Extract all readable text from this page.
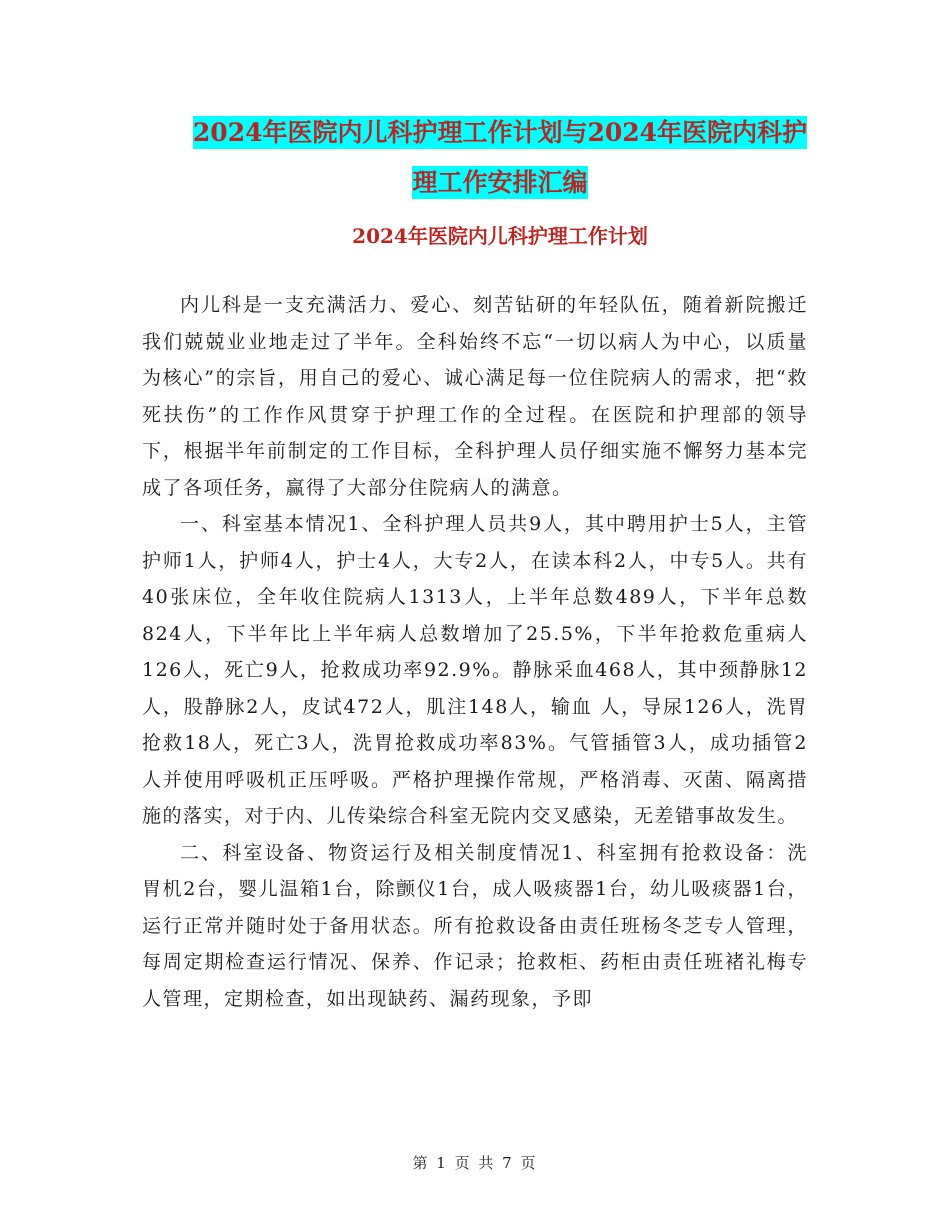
2024年医院内儿科护理工作计划与2024年医院内科护
理工作安排汇编
2024年医院内儿科护理工作计划

内儿科是一支充满活力、爱心、刻苦钻研的年轻队伍，随着新院搬迁我们兢兢业业地走过了半年。全科始终不忘“一切以病人为中心，以质量为核心”的宗旨，用自己的爱心、诚心满足每一位住院病人的需求，把“救死扶伤”的工作作风贯穿于护理工作的全过程。在医院和护理部的领导下，根据半年前制定的工作目标，全科护理人员仔细实施不懈努力基本完成了各项任务，赢得了大部分住院病人的满意。

一、科室基本情况1、全科护理人员共9人，其中聘用护士5人，主管护师1人，护师4人，护士4人，大专2人，在读本科2人，中专5人。共有40张床位，全年收住院病人1313人，上半年总数489人，下半年总数824人，下半年比上半年病人总数增加了25.5%，下半年抢救危重病人126人，死亡9人，抢救成功率92.9%。静脉采血468人，其中颈静脉12人，股静脉2人，皮试472人，肌注148人，输血 人，导尿126人，洗胃抢救18人，死亡3人，洗胃抢救成功率83%。气管插管3人，成功插管2人并使用呼吸机正压呼吸。严格护理操作常规，严格消毒、灭菌、隔离措施的落实，对于内、儿传染综合科室无院内交叉感染，无差错事故发生。

二、科室设备、物资运行及相关制度情况1、科室拥有抢救设备：洗胃机2台，婴儿温箱1台，除颤仪1台，成人吸痰器1台，幼儿吸痰器1台，运行正常并随时处于备用状态。所有抢救设备由责任班杨冬芝专人管理，每周定期检查运行情况、保养、作记录；抢救柜、药柜由责任班褚礼梅专人管理，定期检查，如出现缺药、漏药现象，予即

第 1 页 共 7 页
